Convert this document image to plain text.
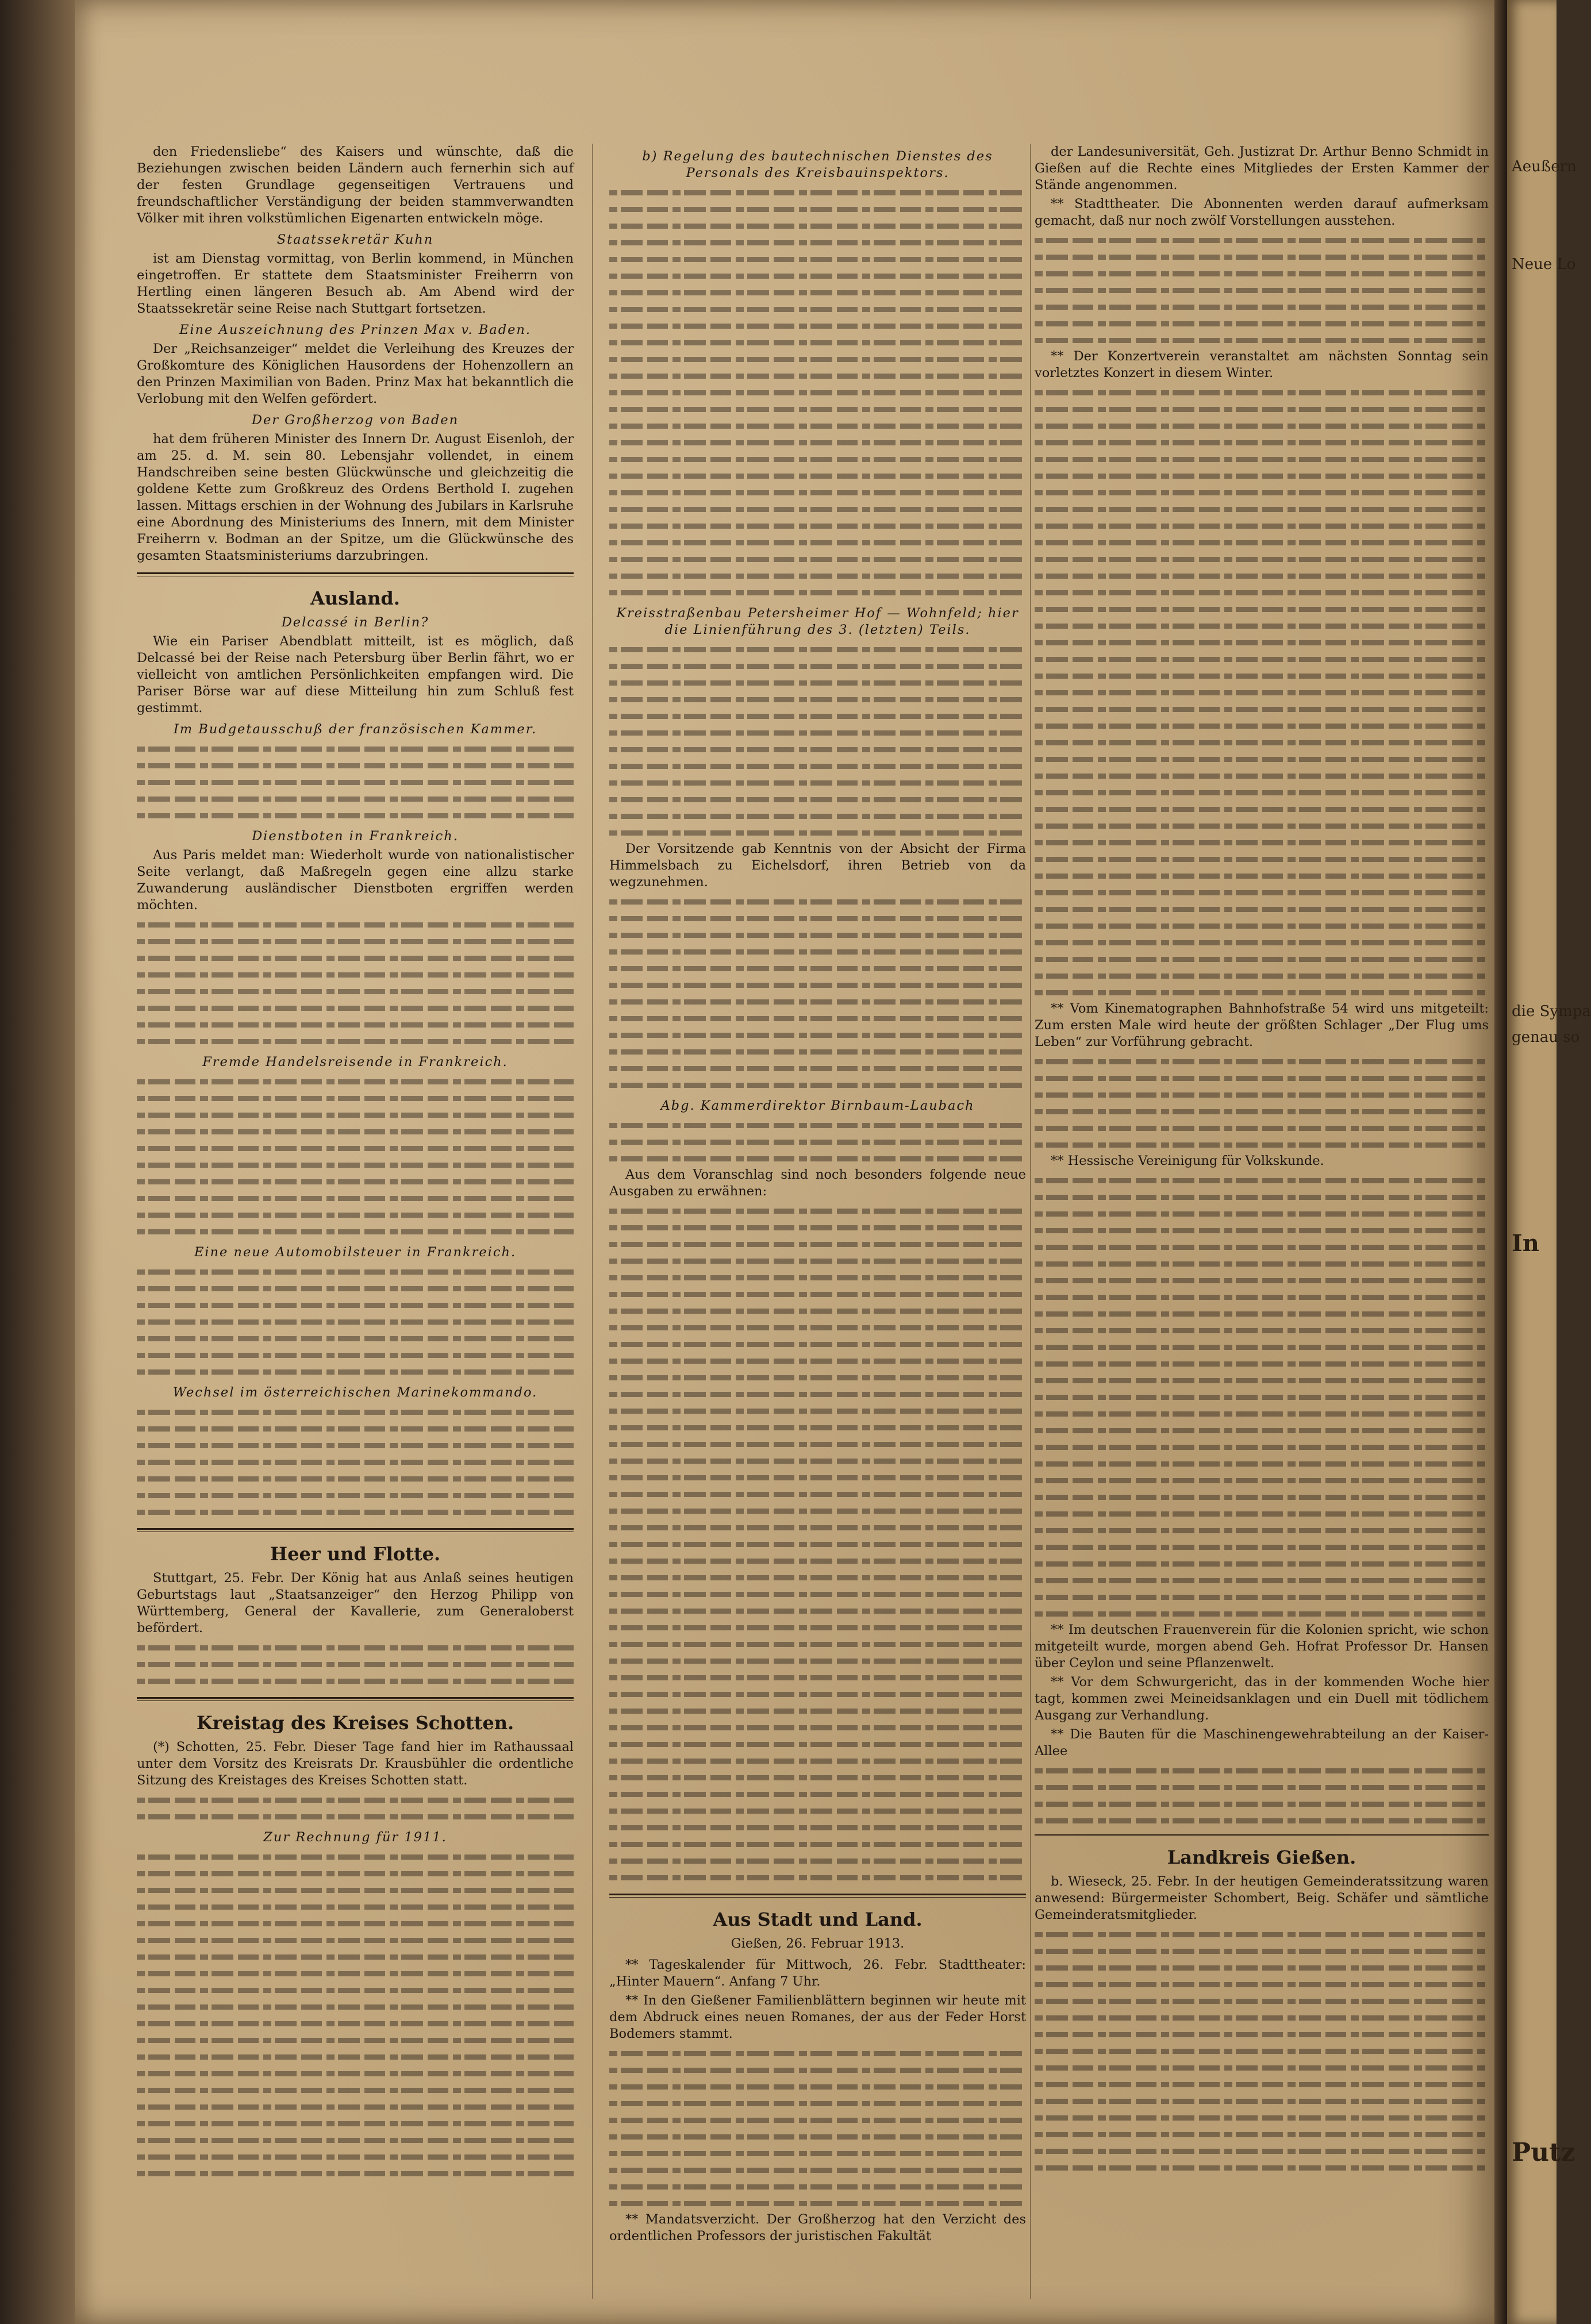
den Friedensliebe“ des Kaisers und wünschte, daß die Beziehungen zwischen beiden Ländern auch fernerhin sich auf der festen Grundlage gegenseitigen Vertrauens und freundschaftlicher Verständigung der beiden stammverwandten Völker mit ihren volkstümlichen Eigenarten entwickeln möge.

Staatssekretär Kuhn

ist am Dienstag vormittag, von Berlin kommend, in München eingetroffen. Er stattete dem Staatsminister Freiherrn von Hertling einen längeren Besuch ab. Am Abend wird der Staatssekretär seine Reise nach Stuttgart fortsetzen.

Eine Auszeichnung des Prinzen Max v. Baden.

Der „Reichsanzeiger“ meldet die Verleihung des Kreuzes der Großkomture des Königlichen Hausordens der Hohenzollern an den Prinzen Maximilian von Baden. Prinz Max hat bekanntlich die Verlobung mit den Welfen gefördert.

Der Großherzog von Baden

hat dem früheren Minister des Innern Dr. August Eisenloh, der am 25. d. M. sein 80. Lebensjahr vollendet, in einem Handschreiben seine besten Glückwünsche und gleichzeitig die goldene Kette zum Großkreuz des Ordens Berthold I. zugehen lassen. Mittags erschien in der Wohnung des Jubilars in Karlsruhe eine Abordnung des Ministeriums des Innern, mit dem Minister Freiherrn v. Bodman an der Spitze, um die Glückwünsche des gesamten Staatsministeriums darzubringen.

Ausland.

Delcassé in Berlin?

Wie ein Pariser Abendblatt mitteilt, ist es möglich, daß Delcassé bei der Reise nach Petersburg über Berlin fährt, wo er vielleicht von amtlichen Persönlichkeiten empfangen wird. Die Pariser Börse war auf diese Mitteilung hin zum Schluß fest gestimmt.

Im Budgetausschuß der französischen Kammer.

Dienstboten in Frankreich.

Aus Paris meldet man: Wiederholt wurde von nationalistischer Seite verlangt, daß Maßregeln gegen eine allzu starke Zuwanderung ausländischer Dienstboten ergriffen werden möchten.

Fremde Handelsreisende in Frankreich.

Eine neue Automobilsteuer in Frankreich.

Wechsel im österreichischen Marinekommando.

Heer und Flotte.

Stuttgart, 25. Febr. Der König hat aus Anlaß seines heutigen Geburtstags laut „Staatsanzeiger“ den Herzog Philipp von Württemberg, General der Kavallerie, zum Generaloberst befördert.

Kreistag des Kreises Schotten.

(*) Schotten, 25. Febr. Dieser Tage fand hier im Rathaussaal unter dem Vorsitz des Kreisrats Dr. Krausbühler die ordentliche Sitzung des Kreistages des Kreises Schotten statt.

Zur Rechnung für 1911.

b) Regelung des bautechnischen Dienstes des Personals des Kreisbauinspektors.

Kreisstraßenbau Petersheimer Hof — Wohnfeld; hier die Linienführung des 3. (letzten) Teils.

Der Vorsitzende gab Kenntnis von der Absicht der Firma Himmelsbach zu Eichelsdorf, ihren Betrieb von da wegzunehmen.

Abg. Kammerdirektor Birnbaum-Laubach

Aus dem Voranschlag sind noch besonders folgende neue Ausgaben zu erwähnen:

Aus Stadt und Land.

Gießen, 26. Februar 1913.

** Tageskalender für Mittwoch, 26. Febr. Stadttheater: „Hinter Mauern“. Anfang 7 Uhr.

** In den Gießener Familienblättern beginnen wir heute mit dem Abdruck eines neuen Romanes, der aus der Feder Horst Bodemers stammt.

** Mandatsverzicht. Der Großherzog hat den Verzicht des ordentlichen Professors der juristischen Fakultät

der Landesuniversität, Geh. Justizrat Dr. Arthur Benno Schmidt in Gießen auf die Rechte eines Mitgliedes der Ersten Kammer der Stände angenommen.

** Stadttheater. Die Abonnenten werden darauf aufmerksam gemacht, daß nur noch zwölf Vorstellungen ausstehen.

** Der Konzertverein veranstaltet am nächsten Sonntag sein vorletztes Konzert in diesem Winter.

** Vom Kinematographen Bahnhofstraße 54 wird uns mitgeteilt: Zum ersten Male wird heute der größten Schlager „Der Flug ums Leben“ zur Vorführung gebracht.

** Hessische Vereinigung für Volkskunde.

** Im deutschen Frauenverein für die Kolonien spricht, wie schon mitgeteilt wurde, morgen abend Geh. Hofrat Professor Dr. Hansen über Ceylon und seine Pflanzenwelt.

** Vor dem Schwurgericht, das in der kommenden Woche hier tagt, kommen zwei Meineidsanklagen und ein Duell mit tödlichem Ausgang zur Verhandlung.

** Die Bauten für die Maschinengewehrabteilung an der Kaiser-Allee

Landkreis Gießen.

b. Wieseck, 25. Febr. In der heutigen Gemeinderatssitzung waren anwesend: Bürgermeister Schombert, Beig. Schäfer und sämtliche Gemeinderatsmitglieder.

Aeußern
Neue Lo
die Sympa
genau so
In
Putz
